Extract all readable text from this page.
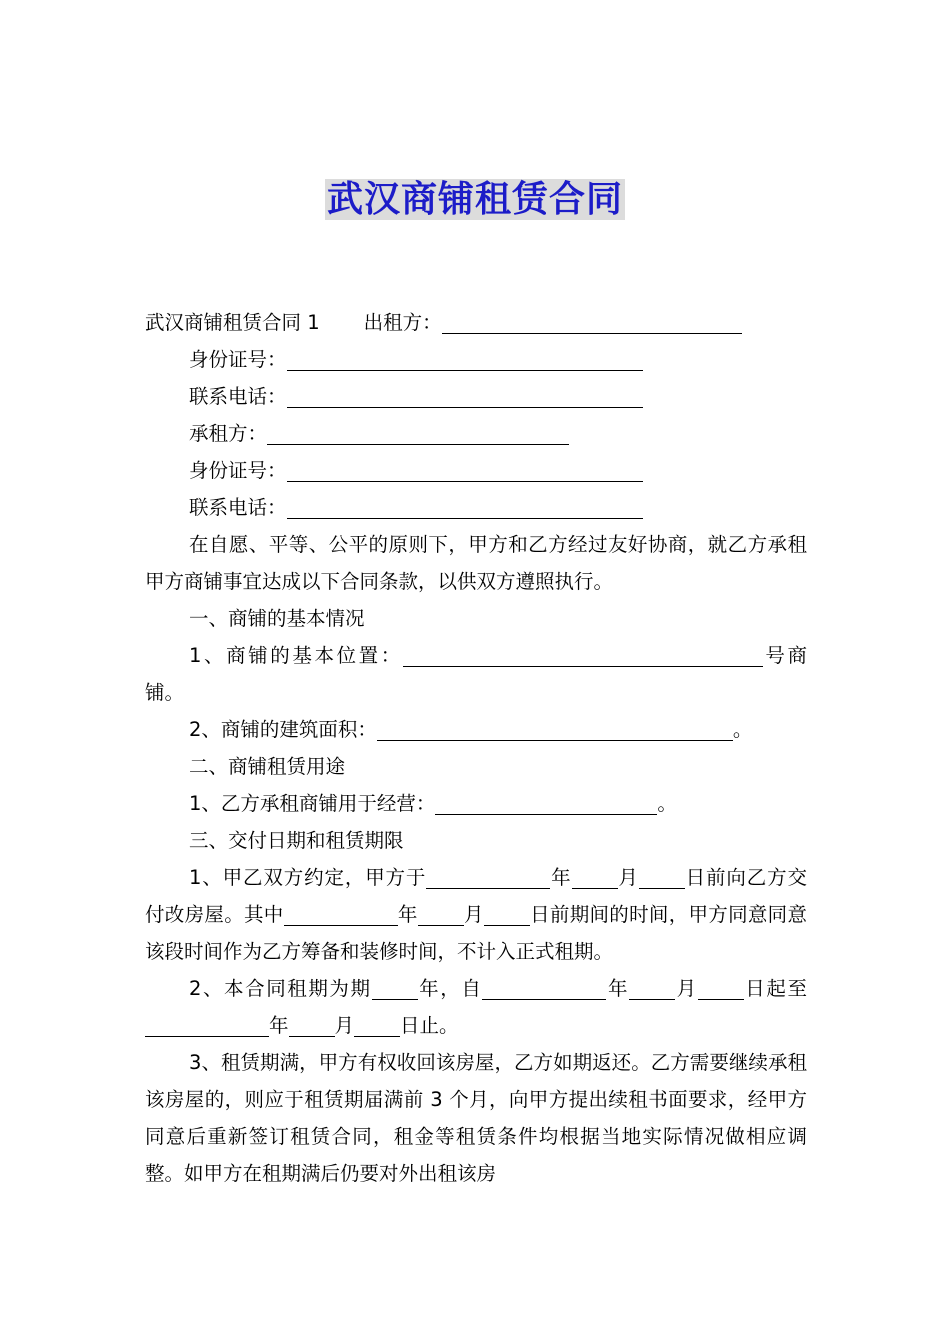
武汉商铺租赁合同

武汉商铺租赁合同 1 出租方：

身份证号：

联系电话：

承租方：

身份证号：

联系电话：

在自愿、平等、公平的原则下，甲方和乙方经过友好协商，就乙方承租甲方商铺事宜达成以下合同条款，以供双方遵照执行。

一、商铺的基本情况

1、商铺的基本位置：	号商铺。

2、商铺的建筑面积：	。

二、商铺租赁用途

1、乙方承租商铺用于经营：	。

三、交付日期和租赁期限

1、甲乙双方约定，甲方于	年 月 日前向乙方交付改房屋。其中	年 月 日前期间的时间，甲方同意同意该段时间作为乙方筹备和装修时间，不计入正式租期。

2、本合同租期为期 年，自	年 月 日起至年 月 日止。

3、租赁期满，甲方有权收回该房屋，乙方如期返还。乙方需要继续承租该房屋的，则应于租赁期届满前 3 个月，向甲方提出续租书面要求，经甲方同意后重新签订租赁合同，租金等租赁条件均根据当地实际情况做相应调整。如甲方在租期满后仍要对外出租该房
